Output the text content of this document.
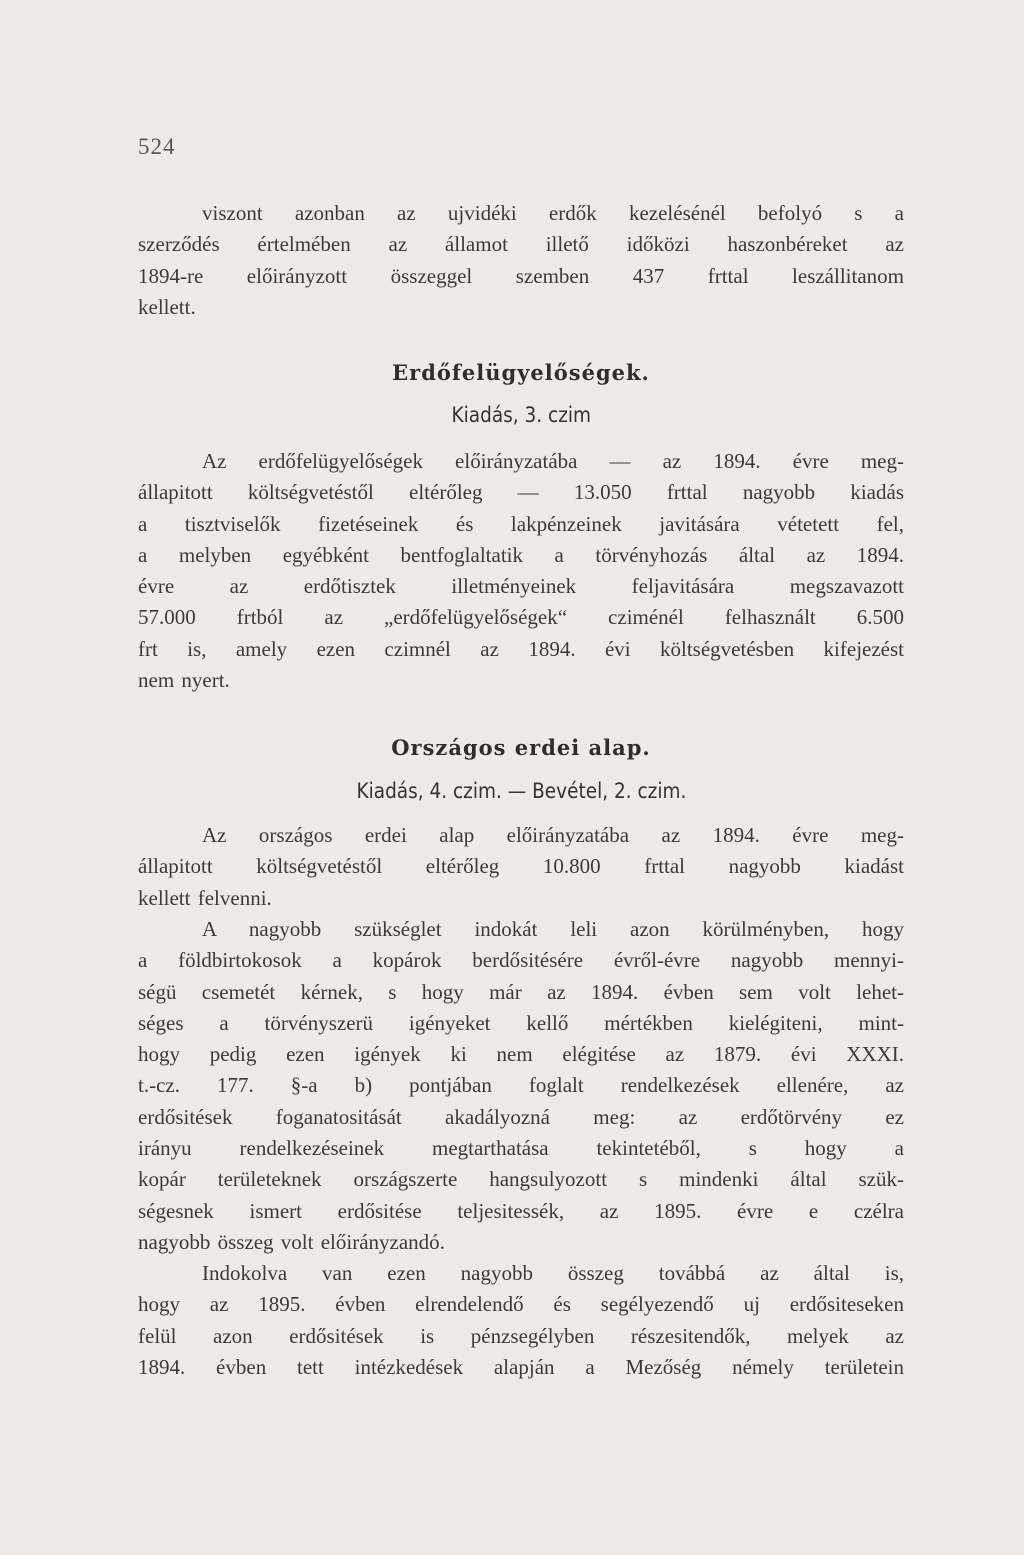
524

viszont azonban az ujvidéki erdők kezelésénél befolyó s a
szerződés értelmében az államot illető időközi haszonbéreket az
1894-re előirányzott összeggel szemben 437 frttal leszállitanom
kellett.

Erdőfelügyelőségek.

Kiadás, 3. czim

Az erdőfelügyelőségek előirányzatába — az 1894. évre meg-
állapitott költségvetéstől eltérőleg — 13.050 frttal nagyobb kiadás
a tisztviselők fizetéseinek és lakpénzeinek javitására vétetett fel,
a melyben egyébként bentfoglaltatik a törvényhozás által az 1894.
évre az erdőtisztek illetményeinek feljavitására megszavazott
57.000 frtból az „erdőfelügyelőségek“ cziménél felhasznált 6.500
frt is, amely ezen czimnél az 1894. évi költségvetésben kifejezést
nem nyert.

Országos erdei alap.

Kiadás, 4. czim. — Bevétel, 2. czim.

Az országos erdei alap előirányzatába az 1894. évre meg-
állapitott költségvetéstől eltérőleg 10.800 frttal nagyobb kiadást
kellett felvenni.

A nagyobb szükséglet indokát leli azon körülményben, hogy
a földbirtokosok a kopárok berdősitésére évről-évre nagyobb mennyi-
ségü csemetét kérnek, s hogy már az 1894. évben sem volt lehet-
séges a törvényszerü igényeket kellő mértékben kielégiteni, mint-
hogy pedig ezen igények ki nem elégitése az 1879. évi XXXI.
t.-cz. 177. §-a b) pontjában foglalt rendelkezések ellenére, az
erdősitések foganatositását akadályozná meg: az erdőtörvény ez
irányu rendelkezéseinek megtarthatása tekintetéből, s hogy a
kopár területeknek országszerte hangsulyozott s mindenki által szük-
ségesnek ismert erdősitése teljesitessék, az 1895. évre e czélra
nagyobb összeg volt előirányzandó.

Indokolva van ezen nagyobb összeg továbbá az által is,
hogy az 1895. évben elrendelendő és segélyezendő uj erdősiteseken
felül azon erdősitések is pénzsegélyben részesitendők, melyek az
1894. évben tett intézkedések alapján a Mezőség némely területein
